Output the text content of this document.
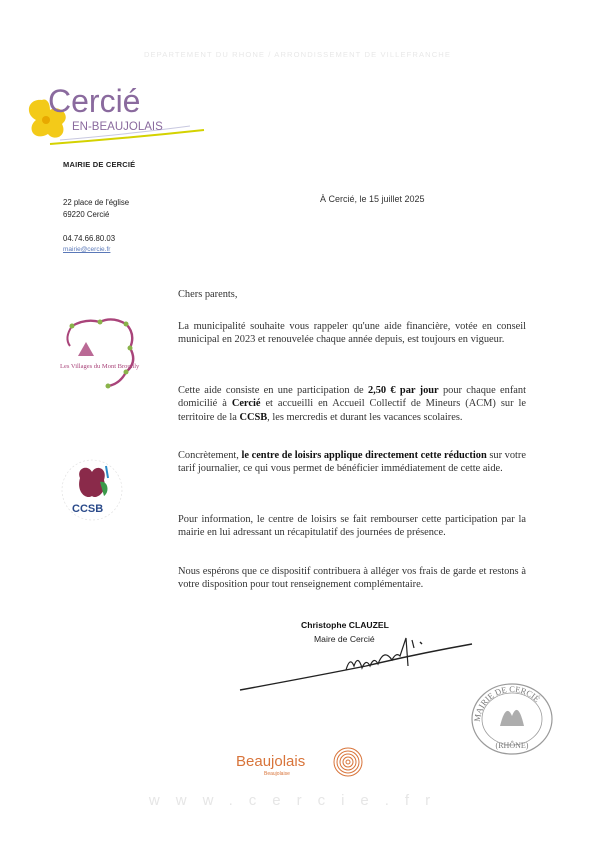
DEPARTEMENT DU RHONE / ARRONDISSEMENT DE VILLEFRANCHE
Cercié
EN-BEAUJOLAIS
MAIRIE DE CERCIÉ
22 place de l'église
69220 Cercié
04.74.66.80.03
mairie@cercie.fr
Les Villages du Mont Brouilly
CCSB
À Cercié, le 15 juillet 2025
Chers parents,
La municipalité souhaite vous rappeler qu'une aide financière, votée en conseil municipal en 2023 et renouvelée chaque année depuis, est toujours en vigueur.
Cette aide consiste en une participation de 2,50 € par jour pour chaque enfant domicilié à Cercié et accueilli en Accueil Collectif de Mineurs (ACM) sur le territoire de la CCSB, les mercredis et durant les vacances scolaires.
Concrètement, le centre de loisirs applique directement cette réduction sur votre tarif journalier, ce qui vous permet de bénéficier immédiatement de cette aide.
Pour information, le centre de loisirs se fait rembourser cette participation par la mairie en lui adressant un récapitulatif des journées de présence.
Nous espérons que ce dispositif contribuera à alléger vos frais de garde et restons à votre disposition pour tout renseignement complémentaire.
Christophe CLAUZEL
Maire de Cercié
MAIRIE DE CERCIÉ
(RHÔNE)
Beaujolais
Beaujolaise
www.cercie.fr
